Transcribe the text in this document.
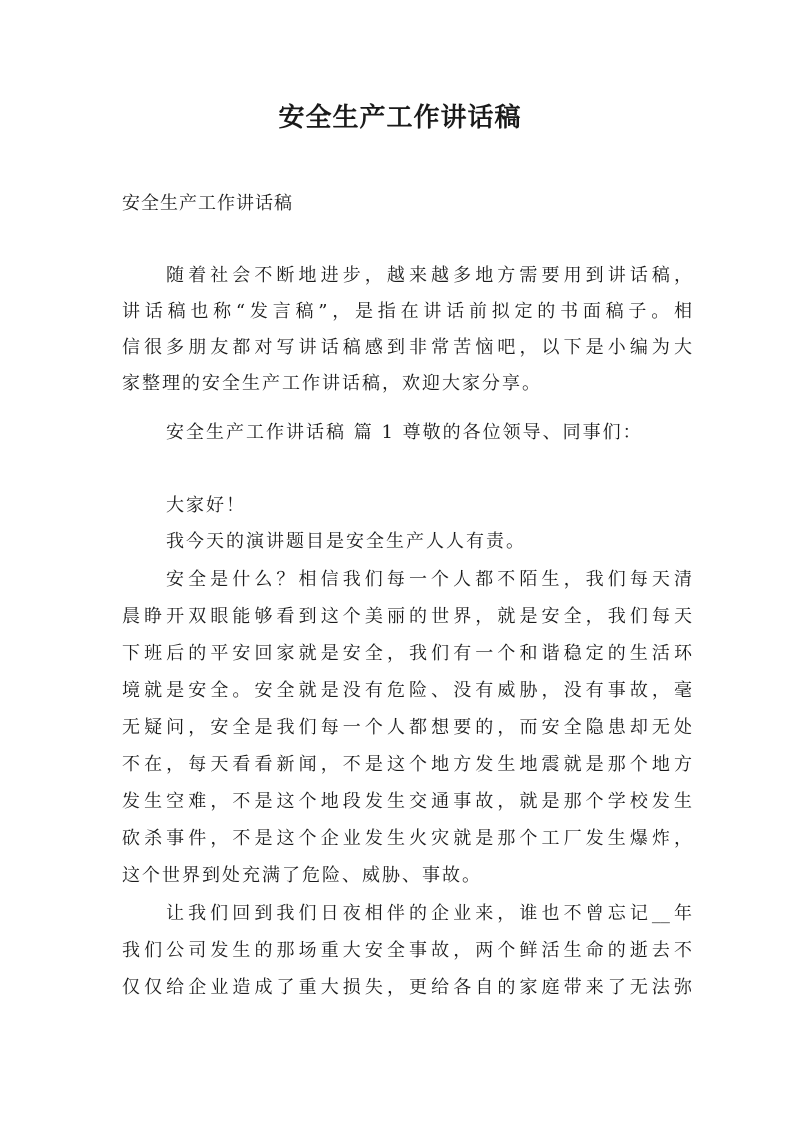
安全生产工作讲话稿

安全生产工作讲话稿

随着社会不断地进步，越来越多地方需要用到讲话稿，

讲话稿也称“发言稿”，是指在讲话前拟定的书面稿子。相

信很多朋友都对写讲话稿感到非常苦恼吧，以下是小编为大

家整理的安全生产工作讲话稿，欢迎大家分享。

安全生产工作讲话稿 篇 1 尊敬的各位领导、同事们：

大家好！

我今天的演讲题目是安全生产人人有责。

安全是什么？相信我们每一个人都不陌生，我们每天清

晨睁开双眼能够看到这个美丽的世界，就是安全，我们每天

下班后的平安回家就是安全，我们有一个和谐稳定的生活环

境就是安全。安全就是没有危险、没有威胁，没有事故，毫

无疑问，安全是我们每一个人都想要的，而安全隐患却无处

不在，每天看看新闻，不是这个地方发生地震就是那个地方

发生空难，不是这个地段发生交通事故，就是那个学校发生

砍杀事件，不是这个企业发生火灾就是那个工厂发生爆炸，

这个世界到处充满了危险、威胁、事故。

让我们回到我们日夜相伴的企业来，谁也不曾忘记__年

我们公司发生的那场重大安全事故，两个鲜活生命的逝去不

仅仅给企业造成了重大损失，更给各自的家庭带来了无法弥
